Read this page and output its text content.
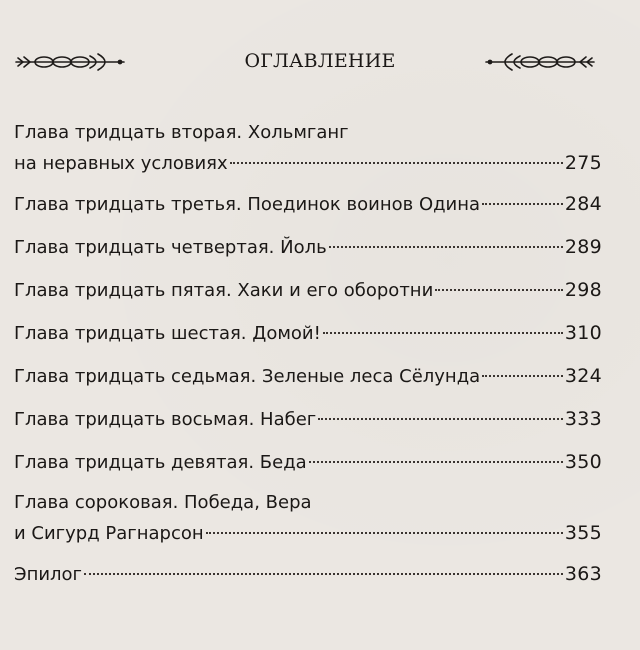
ОГЛАВЛЕНИЕ
Глава тридцать вторая. Хольмганг
на неравных условиях	275
Глава тридцать третья. Поединок воинов Одина	284
Глава тридцать четвертая. Йоль	289
Глава тридцать пятая. Хаки и его оборотни	298
Глава тридцать шестая. Домой!	310
Глава тридцать седьмая. Зеленые леса Сёлунда	324
Глава тридцать восьмая. Набег	333
Глава тридцать девятая. Беда	350
Глава сороковая. Победа, Вера
и Сигурд Рагнарсон	355
Эпилог	363
